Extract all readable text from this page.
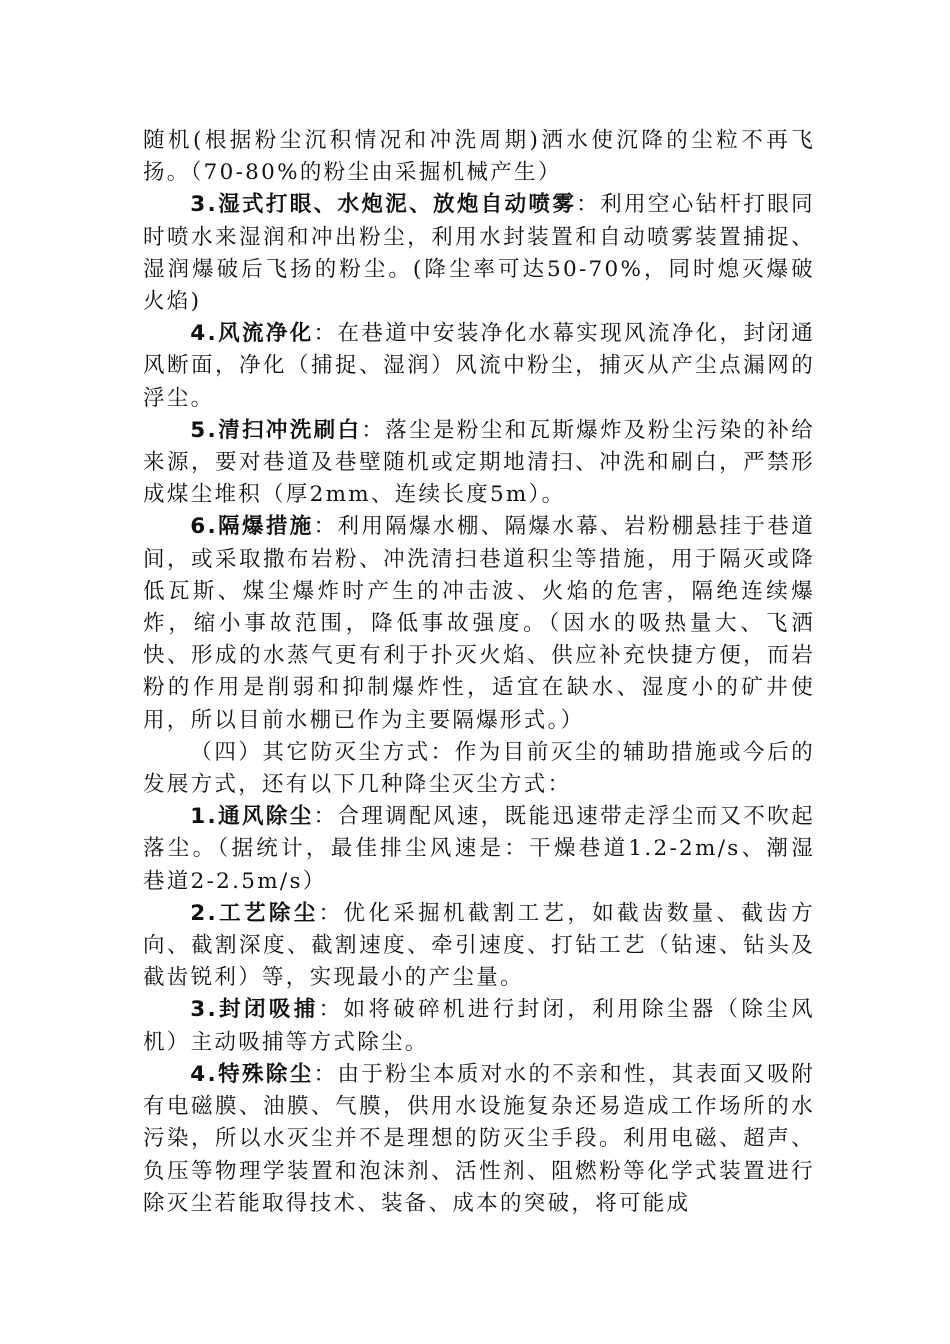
随机(根据粉尘沉积情况和冲洗周期)洒水使沉降的尘粒不再飞扬。（70-80%的粉尘由采掘机械产生）

3.湿式打眼、水炮泥、放炮自动喷雾：利用空心钻杆打眼同时喷水来湿润和冲出粉尘，利用水封装置和自动喷雾装置捕捉、湿润爆破后飞扬的粉尘。(降尘率可达50-70%，同时熄灭爆破火焰)

4.风流净化：在巷道中安装净化水幕实现风流净化，封闭通风断面，净化（捕捉、湿润）风流中粉尘，捕灭从产尘点漏网的浮尘。

5.清扫冲洗刷白：落尘是粉尘和瓦斯爆炸及粉尘污染的补给来源，要对巷道及巷壁随机或定期地清扫、冲洗和刷白，严禁形成煤尘堆积（厚2mm、连续长度5m）。

6.隔爆措施：利用隔爆水棚、隔爆水幕、岩粉棚悬挂于巷道间，或采取撒布岩粉、冲洗清扫巷道积尘等措施，用于隔灭或降低瓦斯、煤尘爆炸时产生的冲击波、火焰的危害，隔绝连续爆炸，缩小事故范围，降低事故强度。（因水的吸热量大、飞洒快、形成的水蒸气更有利于扑灭火焰、供应补充快捷方便，而岩粉的作用是削弱和抑制爆炸性，适宜在缺水、湿度小的矿井使用，所以目前水棚已作为主要隔爆形式。）

（四）其它防灭尘方式：作为目前灭尘的辅助措施或今后的发展方式，还有以下几种降尘灭尘方式：

1.通风除尘：合理调配风速，既能迅速带走浮尘而又不吹起落尘。（据统计，最佳排尘风速是：干燥巷道1.2-2m/s、潮湿巷道2-2.5m/s）

2.工艺除尘：优化采掘机截割工艺，如截齿数量、截齿方向、截割深度、截割速度、牵引速度、打钻工艺（钻速、钻头及截齿锐利）等，实现最小的产尘量。

3.封闭吸捕：如将破碎机进行封闭，利用除尘器（除尘风机）主动吸捕等方式除尘。

4.特殊除尘：由于粉尘本质对水的不亲和性，其表面又吸附有电磁膜、油膜、气膜，供用水设施复杂还易造成工作场所的水污染，所以水灭尘并不是理想的防灭尘手段。利用电磁、超声、负压等物理学装置和泡沫剂、活性剂、阻燃粉等化学式装置进行除灭尘若能取得技术、装备、成本的突破，将可能成
